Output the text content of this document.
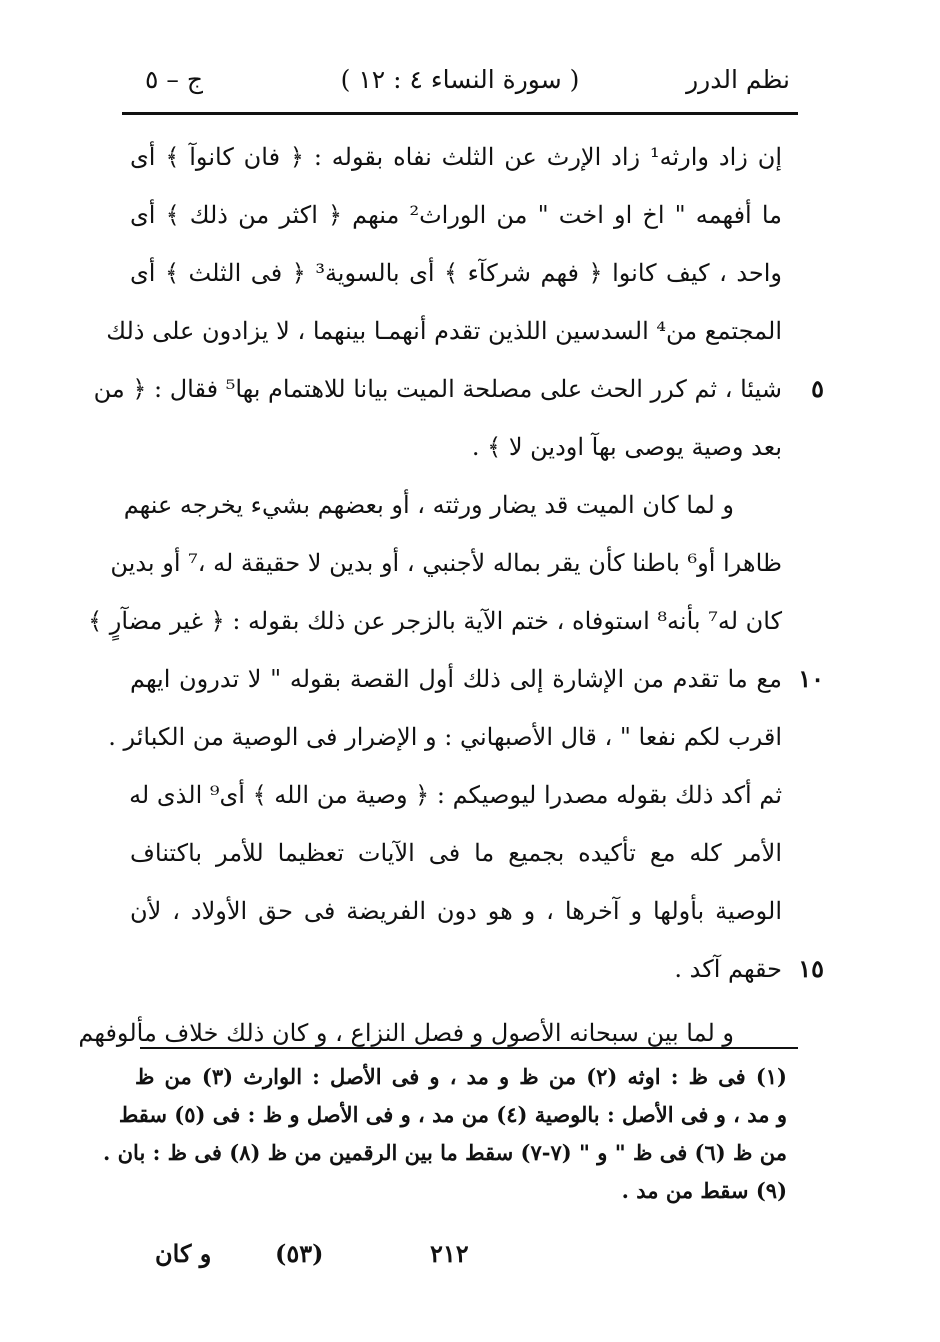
نظم الدرر
( سورة النساء ٤ : ١٢ )
ج – ٥
إن زاد وارثه¹ زاد الإرث عن الثلث نفاه بقوله : ﴿ فان كانوآ ﴾ أى
ما أفهمه " اخ او اخت " من الوراث² منهم ﴿ اكثر من ذلك ﴾ أى
واحد ، كيف كانوا ﴿ فهم شركآء ﴾ أى بالسوية³ ﴿ فى الثلث ﴾ أى
المجتمع من⁴ السدسين اللذين تقدم أنهمـا بينهما ، لا يزادون على ذلك
٥
شيئا ، ثم كرر الحث على مصلحة الميت بيانا للاهتمام بها⁵ فقال : ﴿ من
بعد وصية يوصى بهآ اودين لا ﴾ .
و لما كان الميت قد يضار ورثته ، أو بعضهم بشيء يخرجه عنهم
ظاهرا أو⁶ باطنا كأن يقر بماله لأجنبي ، أو بدين لا حقيقة له ،⁷ أو بدين
كان له⁷ بأنه⁸ استوفاه ، ختم الآية بالزجر عن ذلك بقوله : ﴿ غير مضآرٍ ﴾
١٠
مع ما تقدم من الإشارة إلى ذلك أول القصة بقوله " لا تدرون ايهم
اقرب لكم نفعا " ، قال الأصبهاني : و الإضرار فى الوصية من الكبائر .
ثم أكد ذلك بقوله مصدرا ليوصيكم : ﴿ وصية من الله ﴾ أى⁹ الذى له
الأمر كله مع تأكيده بجميع ما فى الآيات تعظيما للأمر باكتناف
الوصية بأولها و آخرها ، و هو دون الفريضة فى حق الأولاد ، لأن
١٥
حقهم آكد .
و لما بين سبحانه الأصول و فصل النزاع ، و كان ذلك خلاف مألوفهم
(١) فى ظ : اوثه (٢) من ظ و مد ، و فى الأصل : الوارث (٣) من ظ
و مد ، و فى الأصل : بالوصية (٤) من مد ، و فى الأصل و ظ : فى (٥) سقط
من ظ (٦) فى ظ " و " (٧-٧) سقط ما بين الرقمين من ظ (٨) فى ظ : بان .
(٩) سقط من مد .
و كان	(٥٣)	٢١٢
